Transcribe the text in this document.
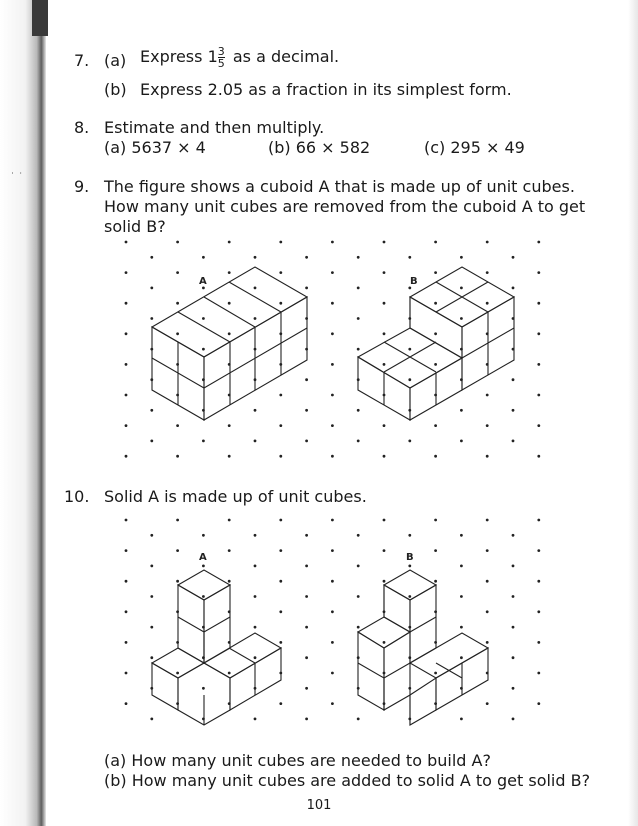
˙ ˙
7. (a) Express $1\frac{3}{5}$ as a decimal.
(b) Express 2.05 as a fraction in its simplest form.
8. Estimate and then multiply.
(a) 5637 × 4	(b) 66 × 582	(c) 295 × 49
9. The figure shows a cuboid A that is made up of unit cubes.
How many unit cubes are removed from the cuboid A to get
solid B?
A	B
10. Solid A is made up of unit cubes.
A	B
(a) How many unit cubes are needed to build A?
(b) How many unit cubes are added to solid A to get solid B?
101
